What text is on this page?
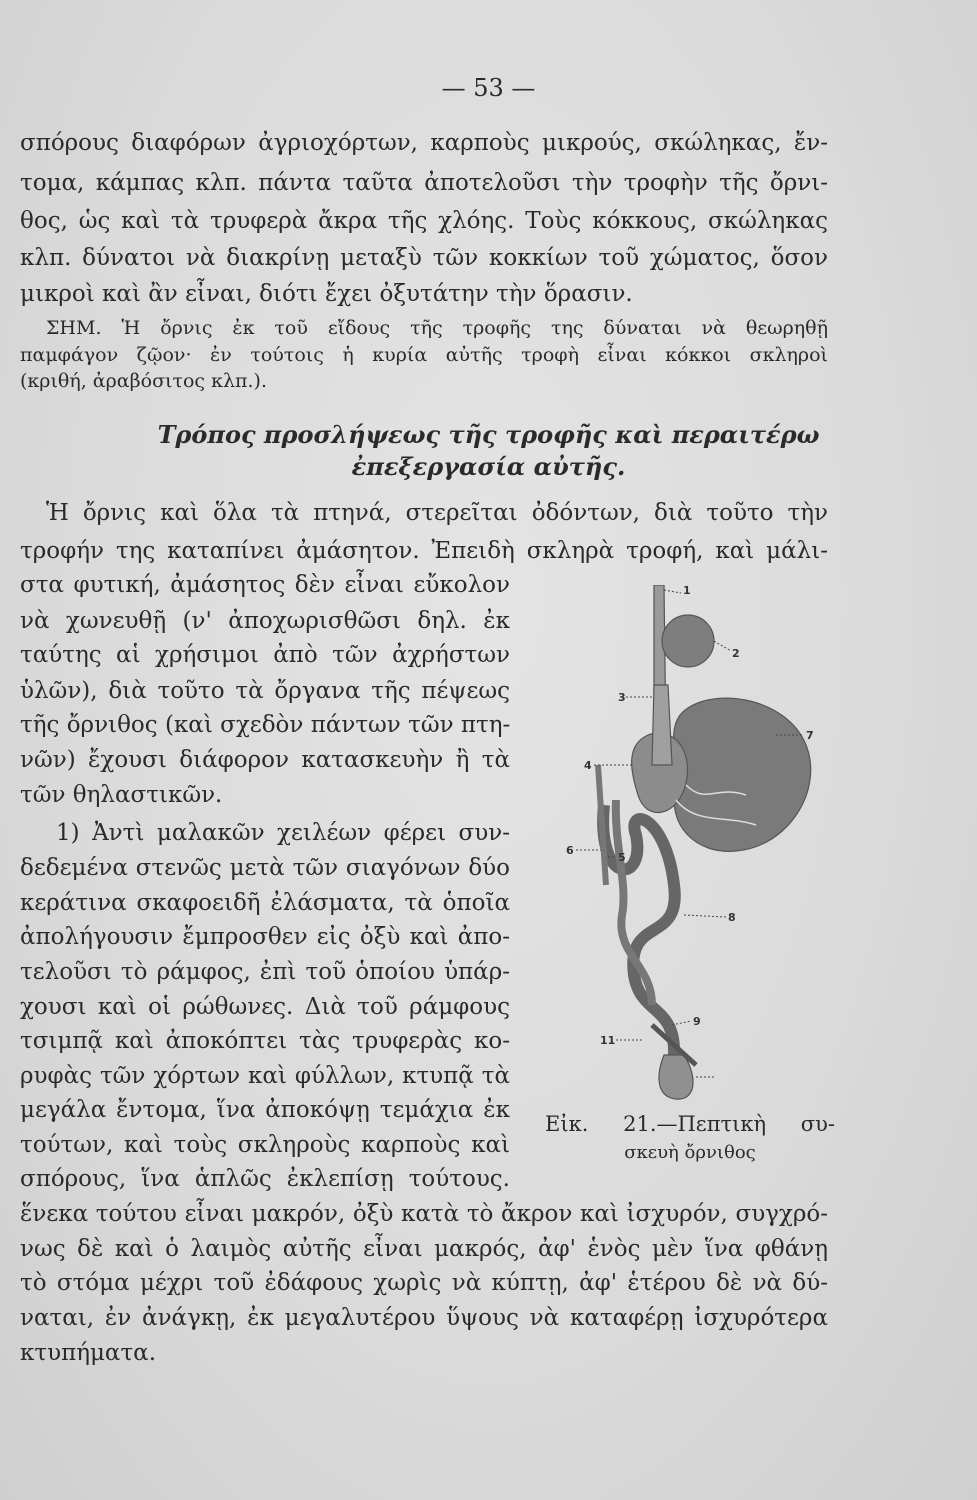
— 53 —
σπόρους διαφόρων ἀγριοχόρτων, καρποὺς μικρούς, σκώληκας, ἔν-
τομα, κάμπας κλπ. πάντα ταῦτα ἀποτελοῦσι τὴν τροφὴν τῆς ὄρνι-
θος, ὡς καὶ τὰ τρυφερὰ ἄκρα τῆς χλόης. Τοὺς κόκκους, σκώληκας
κλπ. δύνατοι νὰ διακρίνῃ μεταξὺ τῶν κοκκίων τοῦ χώματος, ὅσον
μικροὶ καὶ ἂν εἶναι, διότι ἔχει ὀξυτάτην τὴν ὅρασιν.
ΣΗΜ. Ἡ ὄρνις ἐκ τοῦ εἴδους τῆς τροφῆς της δύναται νὰ θεωρηθῇ
παμφάγον ζῷον· ἐν τούτοις ἡ κυρία αὐτῆς τροφὴ εἶναι κόκκοι σκληροὶ
(κριθή, ἀραβόσιτος κλπ.).
Τρόπος προσλήψεως τῆς τροφῆς καὶ περαιτέρω
ἐπεξεργασία αὐτῆς.
Ἡ ὄρνις καὶ ὅλα τὰ πτηνά, στερεῖται ὀδόντων, διὰ τοῦτο τὴν
τροφήν της καταπίνει ἀμάσητον. Ἐπειδὴ σκληρὰ τροφή, καὶ μάλι-
στα φυτική, ἀμάσητος δὲν εἶναι εὔκολον
νὰ χωνευθῇ (ν' ἀποχωρισθῶσι δηλ. ἐκ
ταύτης αἱ χρήσιμοι ἀπὸ τῶν ἀχρήστων
ὑλῶν), διὰ τοῦτο τὰ ὄργανα τῆς πέψεως
τῆς ὄρνιθος (καὶ σχεδὸν πάντων τῶν πτη-
νῶν) ἔχουσι διάφορον κατασκευὴν ἢ τὰ
τῶν θηλαστικῶν.
1) Ἀντὶ μαλακῶν χειλέων φέρει συν-
δεδεμένα στενῶς μετὰ τῶν σιαγόνων δύο
κεράτινα σκαφοειδῆ ἐλάσματα, τὰ ὁποῖα
ἀπολήγουσιν ἔμπροσθεν εἰς ὀξὺ καὶ ἀπο-
τελοῦσι τὸ ράμφος, ἐπὶ τοῦ ὁποίου ὑπάρ-
χουσι καὶ οἱ ρώθωνες. Διὰ τοῦ ράμφους
τσιμπᾷ καὶ ἀποκόπτει τὰς τρυφερὰς κο-
ρυφὰς τῶν χόρτων καὶ φύλλων, κτυπᾷ τὰ
μεγάλα ἔντομα, ἵνα ἀποκόψῃ τεμάχια ἐκ
τούτων, καὶ τοὺς σκληροὺς καρποὺς καὶ
σπόρους, ἵνα ἁπλῶς ἐκλεπίσῃ τούτους.
ἕνεκα τούτου εἶναι μακρόν, ὀξὺ κατὰ τὸ ἄκρον καὶ ἰσχυρόν, συγχρό-
νως δὲ καὶ ὁ λαιμὸς αὐτῆς εἶναι μακρός, ἀφ' ἑνὸς μὲν ἵνα φθάνῃ
τὸ στόμα μέχρι τοῦ ἐδάφους χωρὶς νὰ κύπτῃ, ἀφ' ἑτέρου δὲ νὰ δύ-
ναται, ἐν ἀνάγκῃ, ἐκ μεγαλυτέρου ὕψους νὰ καταφέρῃ ἰσχυρότερα
κτυπήματα.
1
2
3
4
5
6
7
8
9
11
Εἰκ. 21.—Πεπτικὴ συ-
σκευὴ ὄρνιθος
